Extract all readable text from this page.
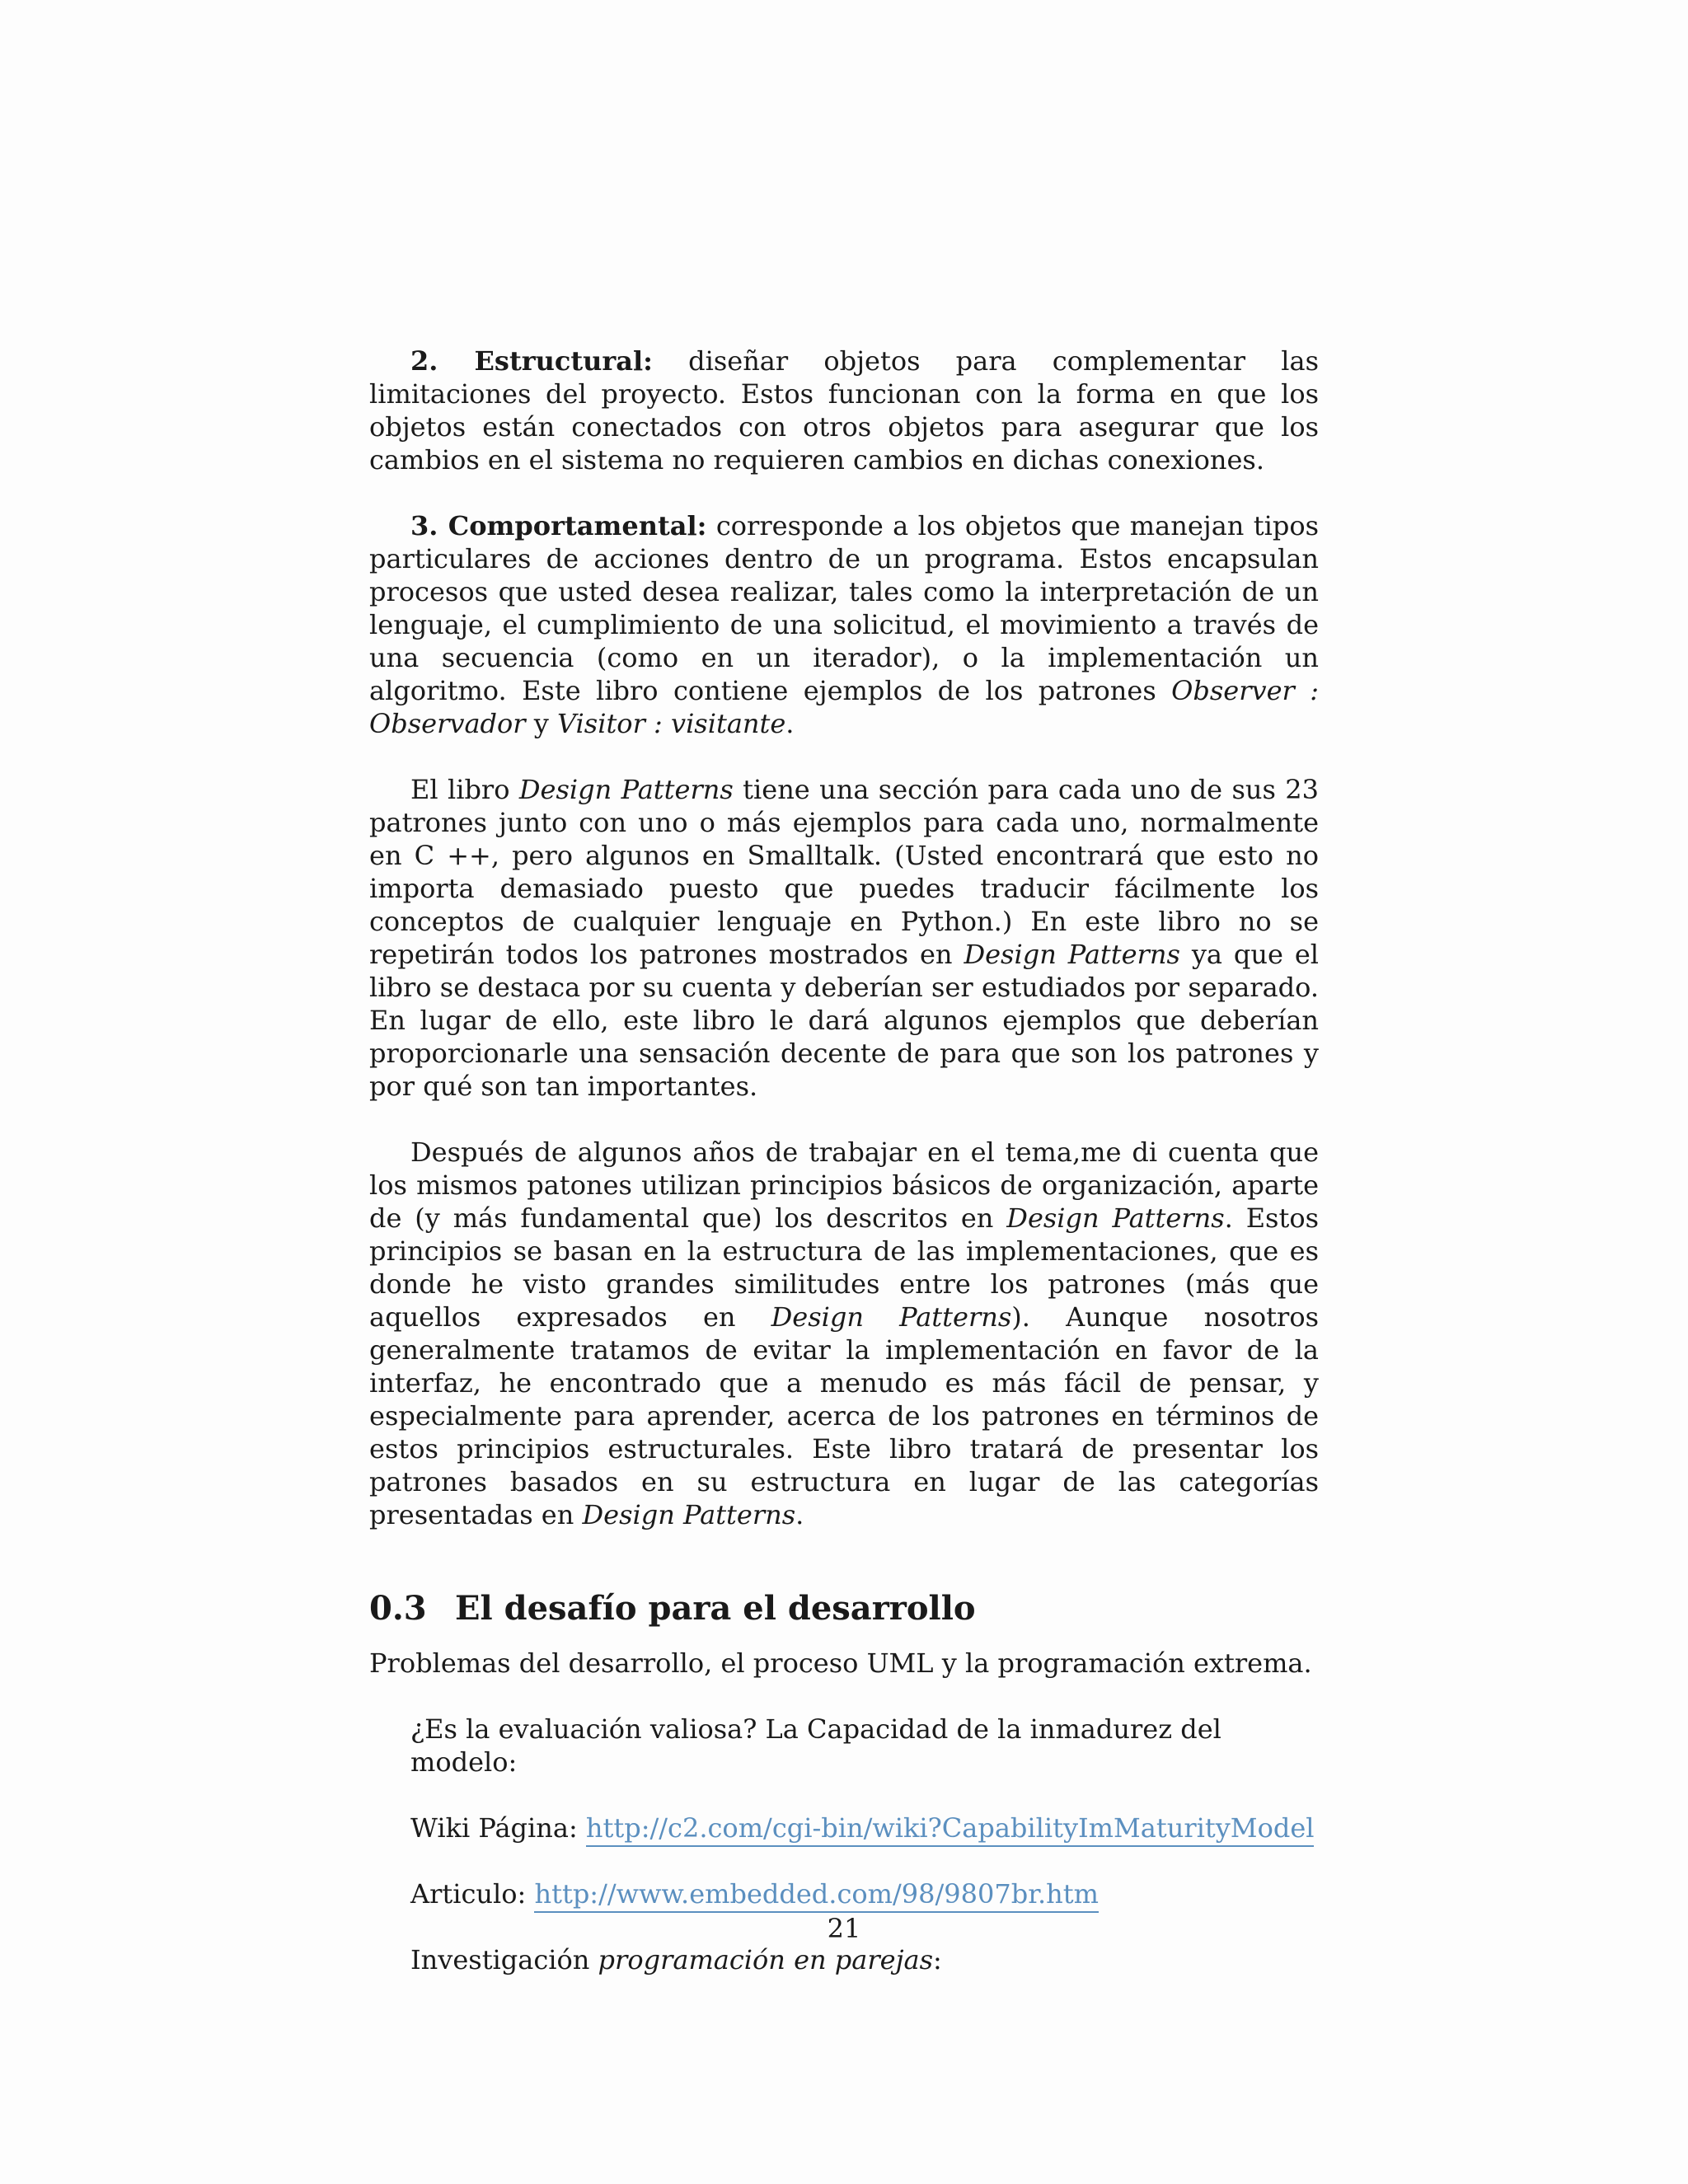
2. Estructural: diseñar objetos para complementar las limitaciones del proyecto. Estos funcionan con la forma en que los objetos están conectados con otros objetos para asegurar que los cambios en el sistema no requieren cambios en dichas conexiones.

3. Comportamental: corresponde a los objetos que manejan tipos particulares de acciones dentro de un programa. Estos encapsulan procesos que usted desea realizar, tales como la interpretación de un lenguaje, el cumplimiento de una solicitud, el movimiento a través de una secuencia (como en un iterador), o la implementación un algoritmo. Este libro contiene ejemplos de los patrones Observer : Observador y Visitor : visitante.

El libro Design Patterns tiene una sección para cada uno de sus 23 patrones junto con uno o más ejemplos para cada uno, normalmente en C ++, pero algunos en Smalltalk. (Usted encontrará que esto no importa demasiado puesto que puedes traducir fácilmente los conceptos de cualquier lenguaje en Python.) En este libro no se repetirán todos los patrones mostrados en Design Patterns ya que el libro se destaca por su cuenta y deberían ser estudiados por separado. En lugar de ello, este libro le dará algunos ejemplos que deberían proporcionarle una sensación decente de para que son los patrones y por qué son tan importantes.

Después de algunos años de trabajar en el tema,me di cuenta que los mismos patones utilizan principios básicos de organización, aparte de (y más fundamental que) los descritos en Design Patterns. Estos principios se basan en la estructura de las implementaciones, que es donde he visto grandes similitudes entre los patrones (más que aquellos expresados en Design Patterns). Aunque nosotros generalmente tratamos de evitar la implementación en favor de la interfaz, he encontrado que a menudo es más fácil de pensar, y especialmente para aprender, acerca de los patrones en términos de estos principios estructurales. Este libro tratará de presentar los patrones basados en su estructura en lugar de las categorías presentadas en Design Patterns.

0.3 El desafío para el desarrollo

Problemas del desarrollo, el proceso UML y la programación extrema.

¿Es la evaluación valiosa? La Capacidad de la inmadurez del modelo:
Wiki Página: http://c2.com/cgi-bin/wiki?CapabilityImMaturityModel
Articulo: http://www.embedded.com/98/9807br.htm
Investigación programación en parejas:
21
